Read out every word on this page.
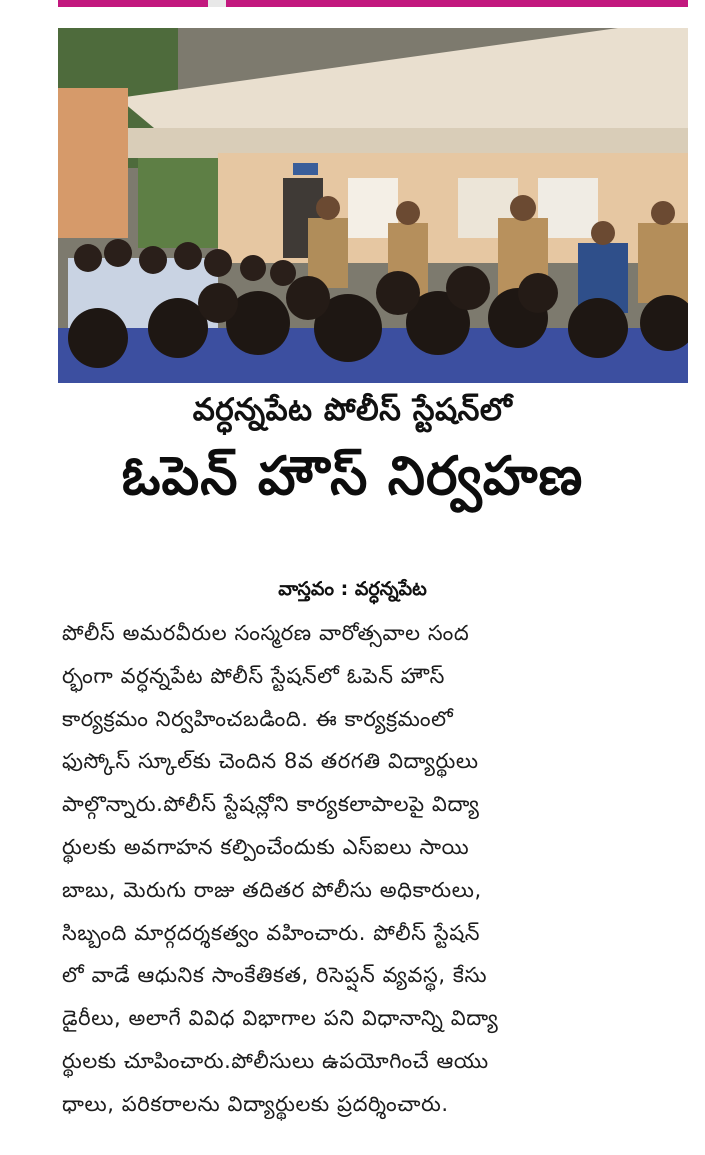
వర్ధన్నపేట పోలీస్ స్టేషన్‌లో
ఓపెన్ హౌస్ నిర్వహణ
వాస్తవం : వర్ధన్నపేట
పోలీస్ అమరవీరుల సంస్మరణ వారోత్సవాల సంద
ర్భంగా వర్ధన్నపేట పోలీస్ స్టేషన్‌లో ఓపెన్ హౌస్
కార్యక్రమం నిర్వహించబడింది. ఈ కార్యక్రమంలో
ఫుస్కోస్ స్కూల్‌కు చెందిన 8వ తరగతి విద్యార్థులు
పాల్గొన్నారు.పోలీస్ స్టేషన్లోని కార్యకలాపాలపై విద్యా
ర్థులకు అవగాహన కల్పించేందుకు ఎస్ఐలు సాయి
బాబు, మెరుగు రాజు తదితర పోలీసు అధికారులు,
సిబ్బంది మార్గదర్శకత్వం వహించారు. పోలీస్ స్టేషన్
లో వాడే ఆధునిక సాంకేతికత, రిసెప్షన్ వ్యవస్థ, కేసు
డైరీలు, అలాగే వివిధ విభాగాల పని విధానాన్ని విద్యా
ర్థులకు చూపించారు.పోలీసులు ఉపయోగించే ఆయు
ధాలు, పరికరాలను విద్యార్థులకు ప్రదర్శించారు.
